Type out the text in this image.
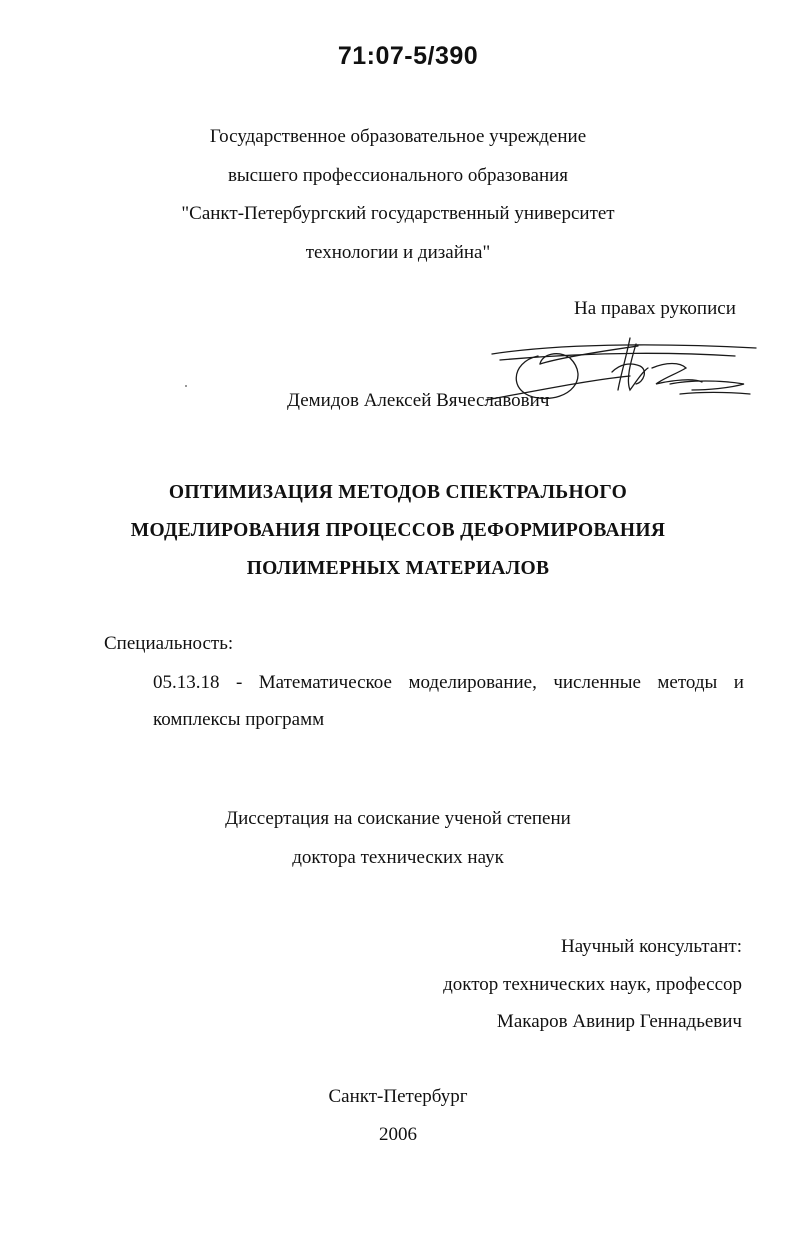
71:07-5/390
Государственное образовательное учреждение
высшего профессионального образования
"Санкт-Петербургский государственный университет
технологии и дизайна"
На правах рукописи
Демидов Алексей Вячеславович
ОПТИМИЗАЦИЯ МЕТОДОВ СПЕКТРАЛЬНОГО
МОДЕЛИРОВАНИЯ ПРОЦЕССОВ ДЕФОРМИРОВАНИЯ
ПОЛИМЕРНЫХ МАТЕРИАЛОВ
Специальность:
05.13.18 - Математическое моделирование, численные методы и
комплексы программ
Диссертация на соискание ученой степени
доктора технических наук
Научный консультант:
доктор технических наук, профессор
Макаров Авинир Геннадьевич
Санкт-Петербург
2006
